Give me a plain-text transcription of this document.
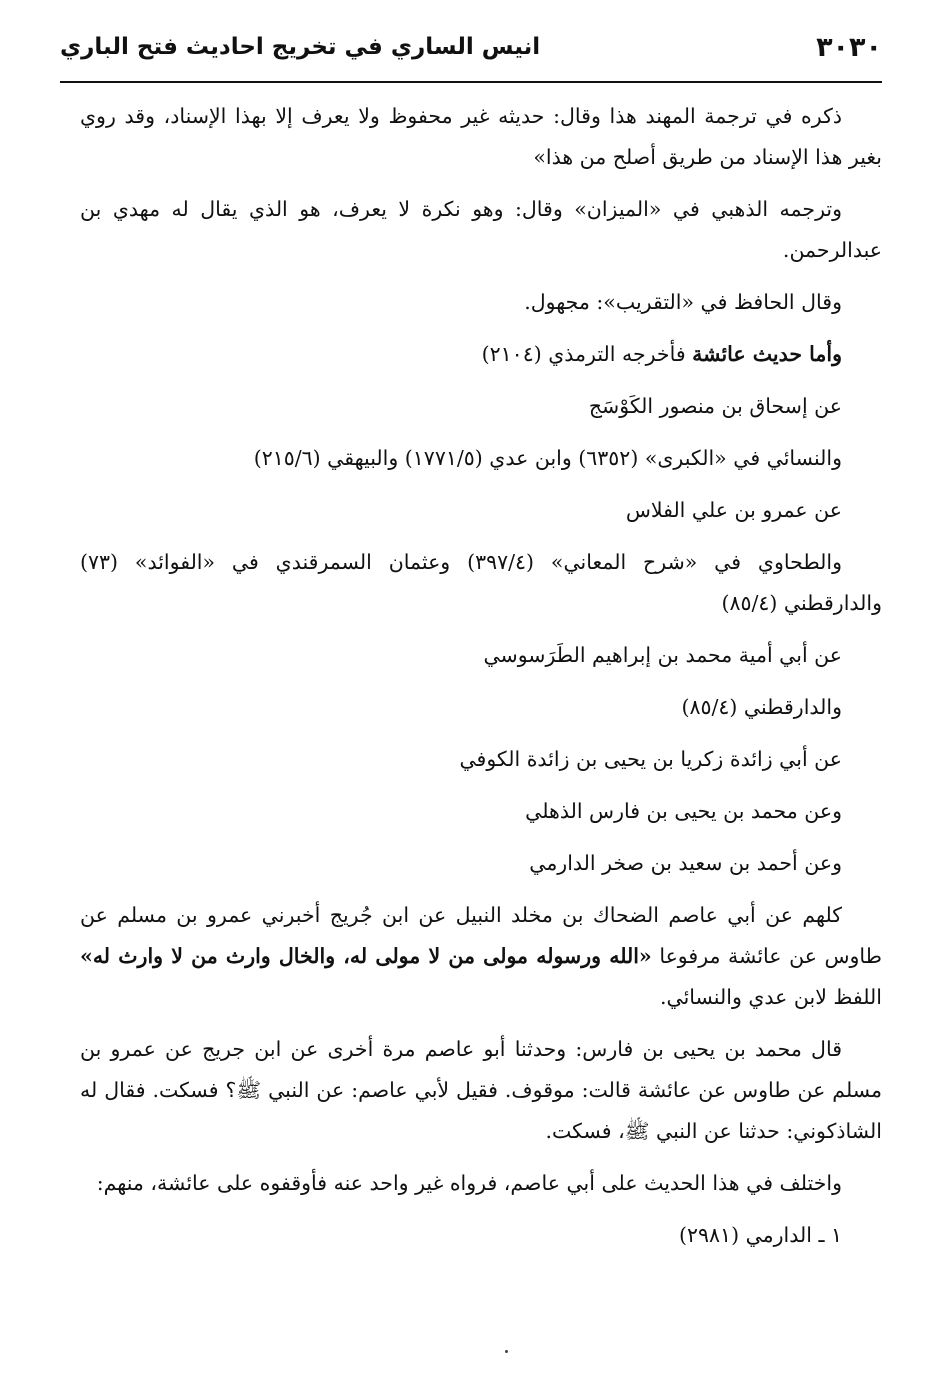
٣٠٣٠
انيس الساري في تخريج احاديث فتح الباري

ذكره في ترجمة المهند هذا وقال: حديثه غير محفوظ ولا يعرف إلا بهذا الإسناد، وقد روي بغير هذا الإسناد من طريق أصلح من هذا»

وترجمه الذهبي في «الميزان» وقال: وهو نكرة لا يعرف، هو الذي يقال له مهدي بن عبدالرحمن.

وقال الحافظ في «التقريب»: مجهول.

وأما حديث عائشة فأخرجه الترمذي (٢١٠٤)

عن إسحاق بن منصور الكَوْسَج

والنسائي في «الكبرى» (٦٣٥٢) وابن عدي (١٧٧١/٥) والبيهقي (٢١٥/٦)

عن عمرو بن علي الفلاس

والطحاوي في «شرح المعاني» (٣٩٧/٤) وعثمان السمرقندي في «الفوائد» (٧٣) والدارقطني (٨٥/٤)

عن أبي أمية محمد بن إبراهيم الطَرَسوسي

والدارقطني (٨٥/٤)

عن أبي زائدة زكريا بن يحيى بن زائدة الكوفي

وعن محمد بن يحيى بن فارس الذهلي

وعن أحمد بن سعيد بن صخر الدارمي

كلهم عن أبي عاصم الضحاك بن مخلد النبيل عن ابن جُريج أخبرني عمرو بن مسلم عن طاوس عن عائشة مرفوعا «الله ورسوله مولى من لا مولى له، والخال وارث من لا وارث له» اللفظ لابن عدي والنسائي.

قال محمد بن يحيى بن فارس: وحدثنا أبو عاصم مرة أخرى عن ابن جريج عن عمرو بن مسلم عن طاوس عن عائشة قالت: موقوف. فقيل لأبي عاصم: عن النبي ﷺ؟ فسكت. فقال له الشاذكوني: حدثنا عن النبي ﷺ، فسكت.

واختلف في هذا الحديث على أبي عاصم، فرواه غير واحد عنه فأوقفوه على عائشة، منهم:

١ ـ الدارمي (٢٩٨١)
